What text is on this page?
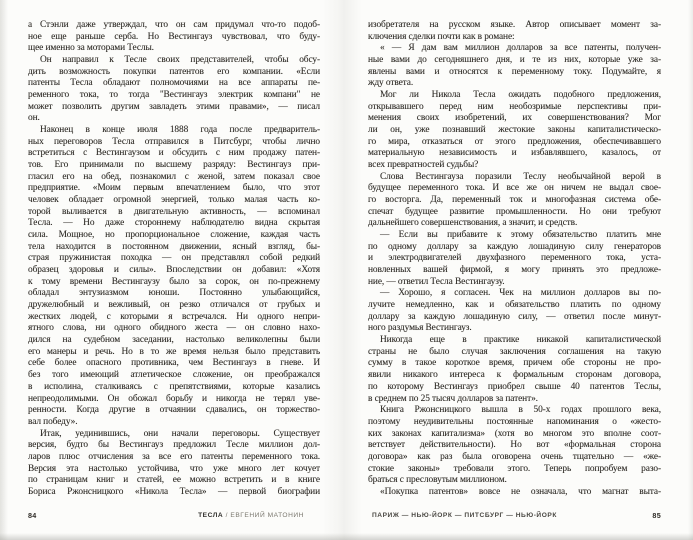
а Стэнли даже утверждал, что он сам придумал что-то подоб-
ное еще раньше серба. Но Вестингауз чувствовал, что буду-
щее именно за моторами Теслы.
Он направил к Тесле своих представителей, чтобы обсу-
дить возможность покупки патентов его компании. «Если
патенты Тесла обладают полномочиями на все аппараты пе-
ременного тока, то тогда "Вестингауз электрик компани" не
может позволить другим завладеть этими правами», — писал
он.
Наконец в конце июля 1888 года после предваритель-
ных переговоров Тесла отправился в Питсбург, чтобы лично
встретиться с Вестингаузом и обсудить с ним продажу патен-
тов. Его принимали по высшему разряду: Вестингауз при-
гласил его на обед, познакомил с женой, затем показал свое
предприятие. «Моим первым впечатлением было, что этот
человек обладает огромной энергией, только малая часть ко-
торой выливается в двигательную активность, — вспоминал
Тесла. — Но даже стороннему наблюдателю видна скрытая
сила. Мощное, но пропорциональное сложение, каждая часть
тела находится в постоянном движении, ясный взгляд, бы-
страя пружинистая походка — он представлял собой редкий
образец здоровья и силы». Впоследствии он добавил: «Хотя
к тому времени Вестингаузу было за сорок, он по-прежнему
обладал энтузиазмом юноши. Постоянно улыбающийся,
дружелюбный и вежливый, он резко отличался от грубых и
жестких людей, с которыми я встречался. Ни одного непри-
ятного слова, ни одного обидного жеста — он словно нахо-
дился на судебном заседании, настолько великолепны были
его манеры и речь. Но в то же время нельзя было представить
себе более опасного противника, чем Вестингауз в гневе. И
без того имеющий атлетическое сложение, он преображался
в исполина, сталкиваясь с препятствиями, которые казались
непреодолимыми. Он обожал борьбу и никогда не терял уве-
ренности. Когда другие в отчаянии сдавались, он торжество-
вал победу».
Итак, уединившись, они начали переговоры. Существует
версия, будто бы Вестингауз предложил Тесле миллион дол-
ларов плюс отчисления за все его патенты переменного тока.
Версия эта настолько устойчива, что уже много лет кочует
по страницам книг и статей, ее можно встретить и в книге
Бориса Ржонсницкого «Никола Тесла» — первой биографии
изобретателя на русском языке. Автор описывает момент за-
ключения сделки почти как в романе:
« — Я дам вам миллион долларов за все патенты, получен-
ные вами до сегодняшнего дня, и те из них, которые уже за-
явлены вами и относятся к переменному току. Подумайте, я
жду ответа.
Мог ли Никола Тесла ожидать подобного предложения,
открывавшего перед ним необозримые перспективы при-
менения своих изобретений, их совершенствования? Мог
ли он, уже познавший жестокие законы капиталистическо-
го мира, отказаться от этого предложения, обеспечивавшего
материальную независимость и избавлявшего, казалось, от
всех превратностей судьбы?
Слова Вестингауза поразили Теслу необычайной верой в
будущее переменного тока. И все же он ничем не выдал свое-
го восторга. Да, переменный ток и многофазная система обе-
спечат будущее развитие промышленности. Но они требуют
дальнейшего совершенствования, а значит, и средств.
— Если вы прибавите к этому обязательство платить мне
по одному доллару за каждую лошадиную силу генераторов
и электродвигателей двухфазного переменного тока, уста-
новленных вашей фирмой, я могу принять это предложе-
ние, — ответил Тесла Вестингаузу.
— Хорошо, я согласен. Чек на миллион долларов вы по-
лучите немедленно, как и обязательство платить по одному
доллару за каждую лошадиную силу, — ответил после минут-
ного раздумья Вестингауз.
Никогда еще в практике никакой капиталистической
страны не было случая заключения соглашения на такую
сумму в такое короткое время, причем обе стороны не про-
явили никакого интереса к формальным сторонам договора,
по которому Вестингауз приобрел свыше 40 патентов Теслы,
в среднем по 25 тысяч долларов за патент».
Книга Ржонсницкого вышла в 50-х годах прошлого века,
поэтому неудивительны постоянные напоминания о «жесто-
ких законах капитализма» (хотя во многом это вполне соот-
ветствует действительности). Но вот «формальная сторона
договора» как раз была оговорена очень тщательно — «же-
стокие законы» требовали этого. Теперь попробуем разо-
браться с пресловутым миллионом.
«Покупка патентов» вовсе не означала, что магнат выта-
84	ТЕСЛА / ЕВГЕНИЙ МАТОНИН	ПАРИЖ — НЬЮ-ЙОРК — ПИТСБУРГ — НЬЮ-ЙОРК	85
